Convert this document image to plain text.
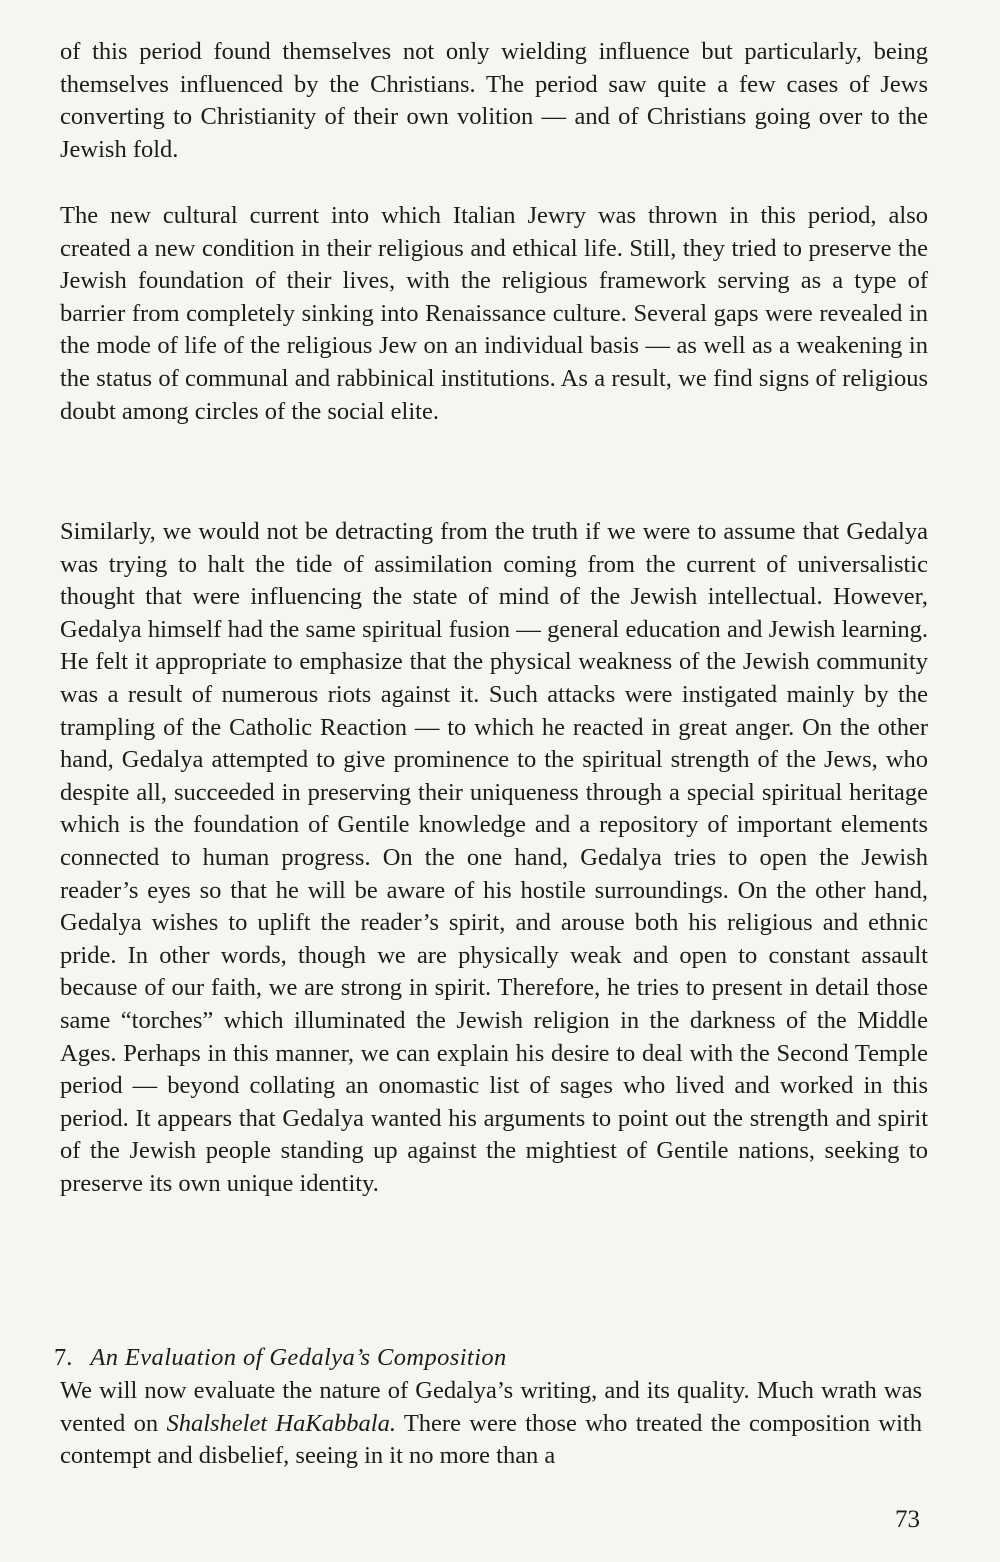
of this period found themselves not only wielding influence but particularly, being themselves influenced by the Christians. The period saw quite a few cases of Jews converting to Christianity of their own volition — and of Christians going over to the Jewish fold.

The new cultural current into which Italian Jewry was thrown in this period, also created a new condition in their religious and ethical life. Still, they tried to preserve the Jewish foundation of their lives, with the religious framework serving as a type of barrier from completely sinking into Renaissance culture. Several gaps were revealed in the mode of life of the religious Jew on an individual basis — as well as a weakening in the status of communal and rabbinical institutions. As a result, we find signs of religious doubt among circles of the social elite.

Similarly, we would not be detracting from the truth if we were to assume that Gedalya was trying to halt the tide of assimilation coming from the current of universalistic thought that were influencing the state of mind of the Jewish intellectual. However, Gedalya himself had the same spiritual fusion — general education and Jewish learning. He felt it appropriate to emphasize that the physical weakness of the Jewish community was a result of numerous riots against it. Such attacks were instigated mainly by the trampling of the Catholic Reaction — to which he reacted in great anger. On the other hand, Gedalya attempted to give prominence to the spiritual strength of the Jews, who despite all, succeeded in preserving their uniqueness through a special spiritual heritage which is the foundation of Gentile knowledge and a repository of important elements connected to human progress. On the one hand, Gedalya tries to open the Jewish reader’s eyes so that he will be aware of his hostile surroundings. On the other hand, Gedalya wishes to uplift the reader’s spirit, and arouse both his religious and ethnic pride. In other words, though we are physically weak and open to constant assault because of our faith, we are strong in spirit. Therefore, he tries to present in detail those same “torches” which illuminated the Jewish religion in the darkness of the Middle Ages. Perhaps in this manner, we can explain his desire to deal with the Second Temple period — beyond collating an onomastic list of sages who lived and worked in this period. It appears that Gedalya wanted his arguments to point out the strength and spirit of the Jewish people standing up against the mightiest of Gentile nations, seeking to preserve its own unique identity.

7. An Evaluation of Gedalya’s Composition

We will now evaluate the nature of Gedalya’s writing, and its quality. Much wrath was vented on Shalshelet HaKabbala. There were those who treated the composition with contempt and disbelief, seeing in it no more than a

73
